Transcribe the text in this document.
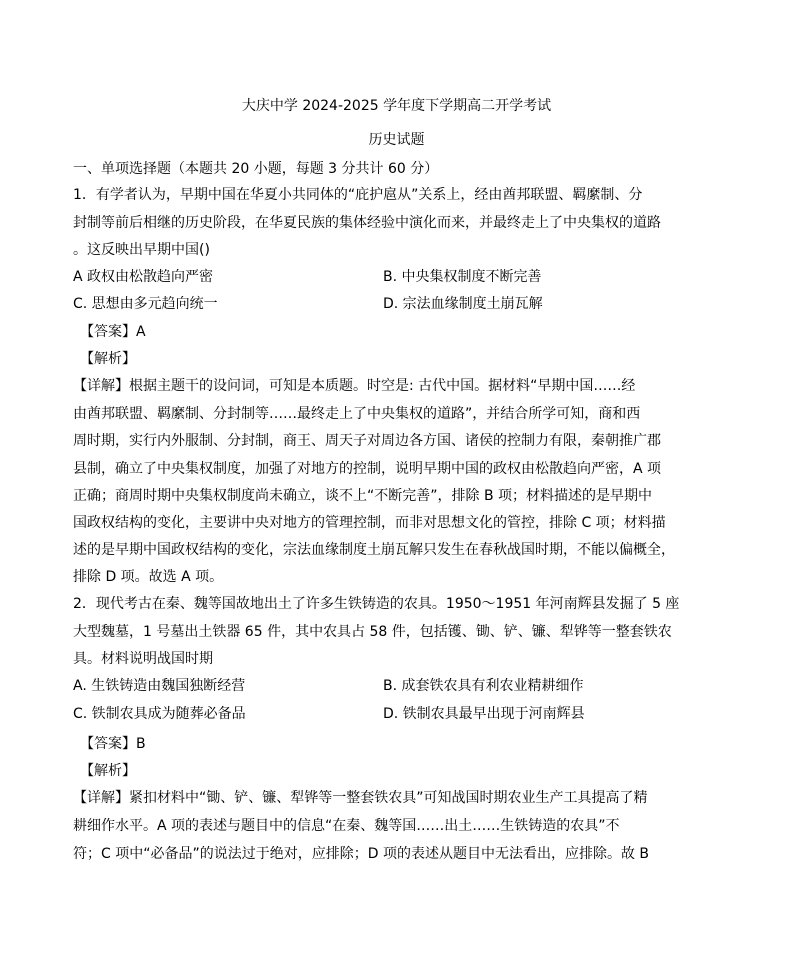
大庆中学 2024-2025 学年度下学期高二开学考试
历史试题
一、单项选择题（本题共 20 小题，每题 3 分共计 60 分）
1．有学者认为，早期中国在华夏小共同体的“庇护扈从”关系上，经由酋邦联盟、羁縻制、分
封制等前后相继的历史阶段，在华夏民族的集体经验中演化而来，并最终走上了中央集权的道路
。这反映出早期中国()
A 政权由松散趋向严密	B. 中央集权制度不断完善
C. 思想由多元趋向统一	D. 宗法血缘制度土崩瓦解
【答案】A
【解析】
【详解】根据主题干的设问词，可知是本质题。时空是: 古代中国。据材料“早期中国……经
由酋邦联盟、羁縻制、分封制等……最终走上了中央集权的道路”，并结合所学可知，商和西
周时期，实行内外服制、分封制，商王、周天子对周边各方国、诸侯的控制力有限，秦朝推广郡
县制，确立了中央集权制度，加强了对地方的控制，说明早期中国的政权由松散趋向严密，A 项
正确；商周时期中央集权制度尚未确立，谈不上“不断完善”，排除 B 项；材料描述的是早期中
国政权结构的变化，主要讲中央对地方的管理控制，而非对思想文化的管控，排除 C 项；材料描
述的是早期中国政权结构的变化，宗法血缘制度土崩瓦解只发生在春秋战国时期，不能以偏概全，
排除 D 项。故选 A 项。
2．现代考古在秦、魏等国故地出土了许多生铁铸造的农具。1950～1951 年河南辉县发掘了 5 座
大型魏墓，1 号墓出土铁器 65 件，其中农具占 58 件，包括镬、锄、铲、镰、犁铧等一整套铁农
具。材料说明战国时期
A. 生铁铸造由魏国独断经营	B. 成套铁农具有利农业精耕细作
C. 铁制农具成为随葬必备品	D. 铁制农具最早出现于河南辉县
【答案】B
【解析】
【详解】紧扣材料中“锄、铲、镰、犁铧等一整套铁农具”可知战国时期农业生产工具提高了精
耕细作水平。A 项的表述与题目中的信息“在秦、魏等国……出土……生铁铸造的农具”不
符；C 项中“必备品”的说法过于绝对，应排除；D 项的表述从题目中无法看出，应排除。故 B
